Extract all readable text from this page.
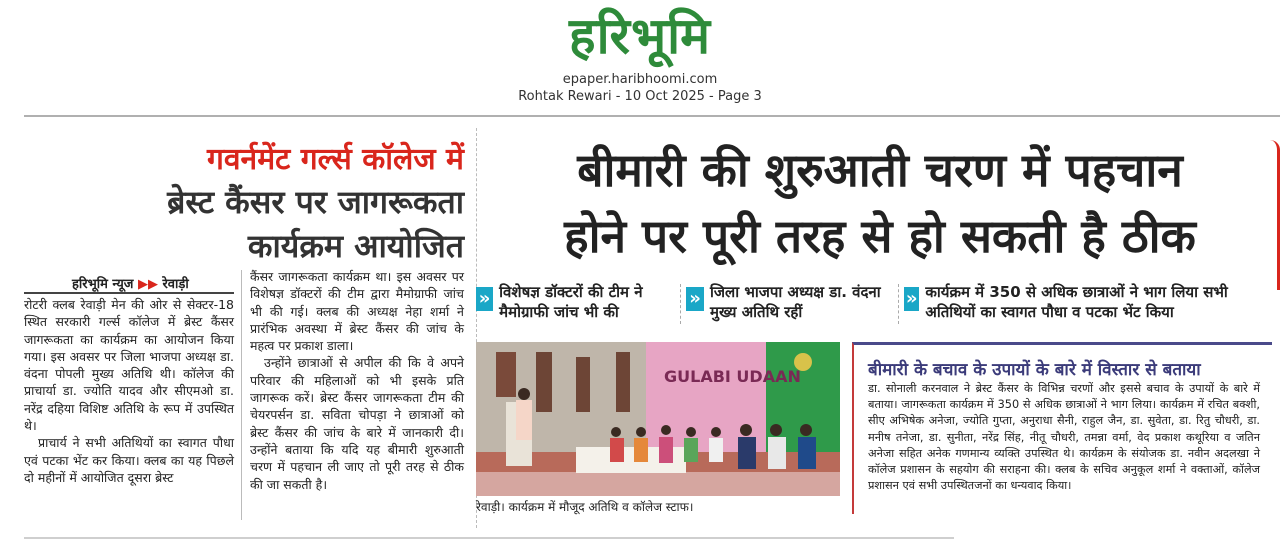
हरिभूमि
epaper.haribhoomi.com
Rohtak Rewari - 10 Oct 2025 - Page 3
गवर्नमेंट गर्ल्स कॉलेज में
ब्रेस्ट कैंसर पर जागरूकता
कार्यक्रम आयोजित
हरिभूमि न्यूज ▶▶ रेवाड़ी

रोटरी क्लब रेवाड़ी मेन की ओर से सेक्टर-18 स्थित सरकारी गर्ल्स कॉलेज में ब्रेस्ट कैंसर जागरूकता का कार्यक्रम का आयोजन किया गया। इस अवसर पर जिला भाजपा अध्यक्ष डा. वंदना पोपली मुख्य अतिथि थी। कॉलेज की प्राचार्या डा. ज्योति यादव और सीएमओ डा. नरेंद्र दहिया विशिष्ट अतिथि के रूप में उपस्थित थे।

प्राचार्य ने सभी अतिथियों का स्वागत पौधा एवं पटका भेंट कर किया। क्लब का यह पिछले दो महीनों में आयोजित दूसरा ब्रेस्ट

कैंसर जागरूकता कार्यक्रम था। इस अवसर पर विशेषज्ञ डॉक्टरों की टीम द्वारा मैमोग्राफी जांच भी की गई। क्लब की अध्यक्ष नेहा शर्मा ने प्रारंभिक अवस्था में ब्रेस्ट कैंसर की जांच के महत्व पर प्रकाश डाला।

उन्होंने छात्राओं से अपील की कि वे अपने परिवार की महिलाओं को भी इसके प्रति जागरूक करें। ब्रेस्ट कैंसर जागरूकता टीम की चेयरपर्सन डा. सविता चोपड़ा ने छात्राओं को ब्रेस्ट कैंसर की जांच के बारे में जानकारी दी। उन्होंने बताया कि यदि यह बीमारी शुरुआती चरण में पहचान ली जाए तो पूरी तरह से ठीक की जा सकती है।

बीमारी की शुरुआती चरण में पहचान
होने पर पूरी तरह से हो सकती है ठीक
» विशेषज्ञ डॉक्टरों की टीम ने मैमोग्राफी जांच भी की
» जिला भाजपा अध्यक्ष डा. वंदना मुख्य अतिथि रहीं
» कार्यक्रम में 350 से अधिक छात्राओं ने भाग लिया सभी अतिथियों का स्वागत पौधा व पटका भेंट किया
GULABI UDAAN
रेवाड़ी। कार्यक्रम में मौजूद अतिथि व कॉलेज स्टाफ।
बीमारी के बचाव के उपायों के बारे में विस्तार से बताया
डा. सोनाली करनवाल ने ब्रेस्ट कैंसर के विभिन्न चरणों और इससे बचाव के उपायों के बारे में बताया। जागरूकता कार्यक्रम में 350 से अधिक छात्राओं ने भाग लिया। कार्यक्रम में रचित बक्शी, सीए अभिषेक अनेजा, ज्योति गुप्ता, अनुराधा सैनी, राहुल जैन, डा. सुवेता, डा. रितु चौधरी, डा. मनीष तनेजा, डा. सुनीता, नरेंद्र सिंह, नीतू चौधरी, तमन्ना वर्मा, वेद प्रकाश कथूरिया व जतिन अनेजा सहित अनेक गणमान्य व्यक्ति उपस्थित थे। कार्यक्रम के संयोजक डा. नवीन अदलखा ने कॉलेज प्रशासन के सहयोग की सराहना की। क्लब के सचिव अनुकूल शर्मा ने वक्ताओं, कॉलेज प्रशासन एवं सभी उपस्थितजनों का धन्यवाद किया।
